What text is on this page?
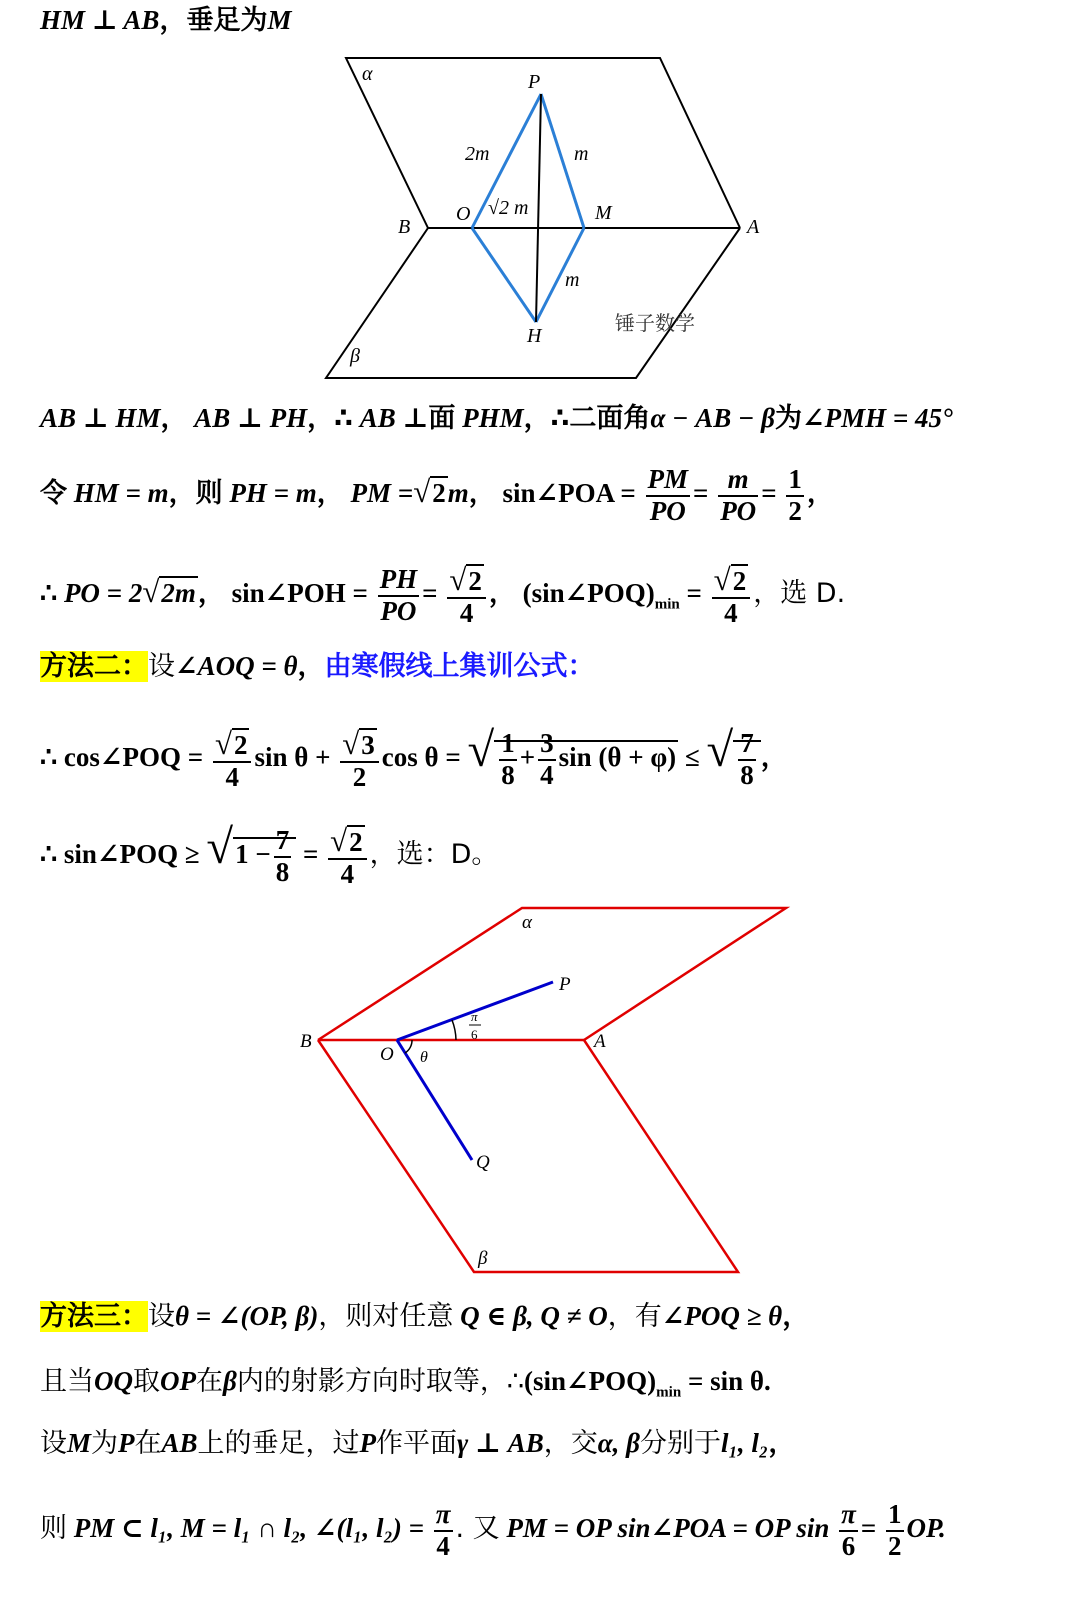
HM ⊥ AB，垂足为M
α
β
P
O	M
A
B
H
2m	m
√2 m
m
锤子数学
AB ⊥ HM， AB ⊥ PH，∴ AB ⊥面 PHM，∴二面角α − AB − β为∠PMH = 45°
令 HM = m，则 PH = m， PM =√2m， sin∠POA = $\frac{PM}{PO} = \frac{m}{PO} = \frac{1}{2}$ ，
∴ PO = 2√2m， sin∠POH = $\frac{PH}{PO} = \frac{√2}{4}$ ， $(\sin\angle POQ)_{min} = \frac{√2}{4}$ ，选 D.
方法二：设∠AOQ = θ，由寒假线上集训公式：
∴ cos∠POQ = $\frac{√2}{4}$ $\sin \theta + \frac{√3}{2}$ cos θ = √ $\frac{1}{8} + \frac{3}{4}$ sin (θ + φ) ≤ √ $\frac{7}{8}$ ，
∴ sin∠POQ ≥ $√1 - \frac{7}{8} = \frac{√2}{4}$ ，选：D。
α
β
P
O
A
B
Q
θ
π
6
方法三：设θ = ∠(OP, β)，则对任意 Q ∈ β, Q ≠ O，有∠POQ ≥ θ，
且当OQ取OP在β内的射影方向时取等，$\therefore(\sin\angle POQ)_{min} = \sin \theta$.
设M为P在AB上的垂足，过P作平面γ ⊥ AB，交α, β分别于l₁, l₂，
则 PM ⊂ l₁, M = l₁ ∩ l₂, ∠(l₁, $l_2) = \frac{\pi}{4}$ . 又 PM = OP sin∠POA = OP $\sin \frac{\pi}{6} = \frac{1}{2}$ OP.
